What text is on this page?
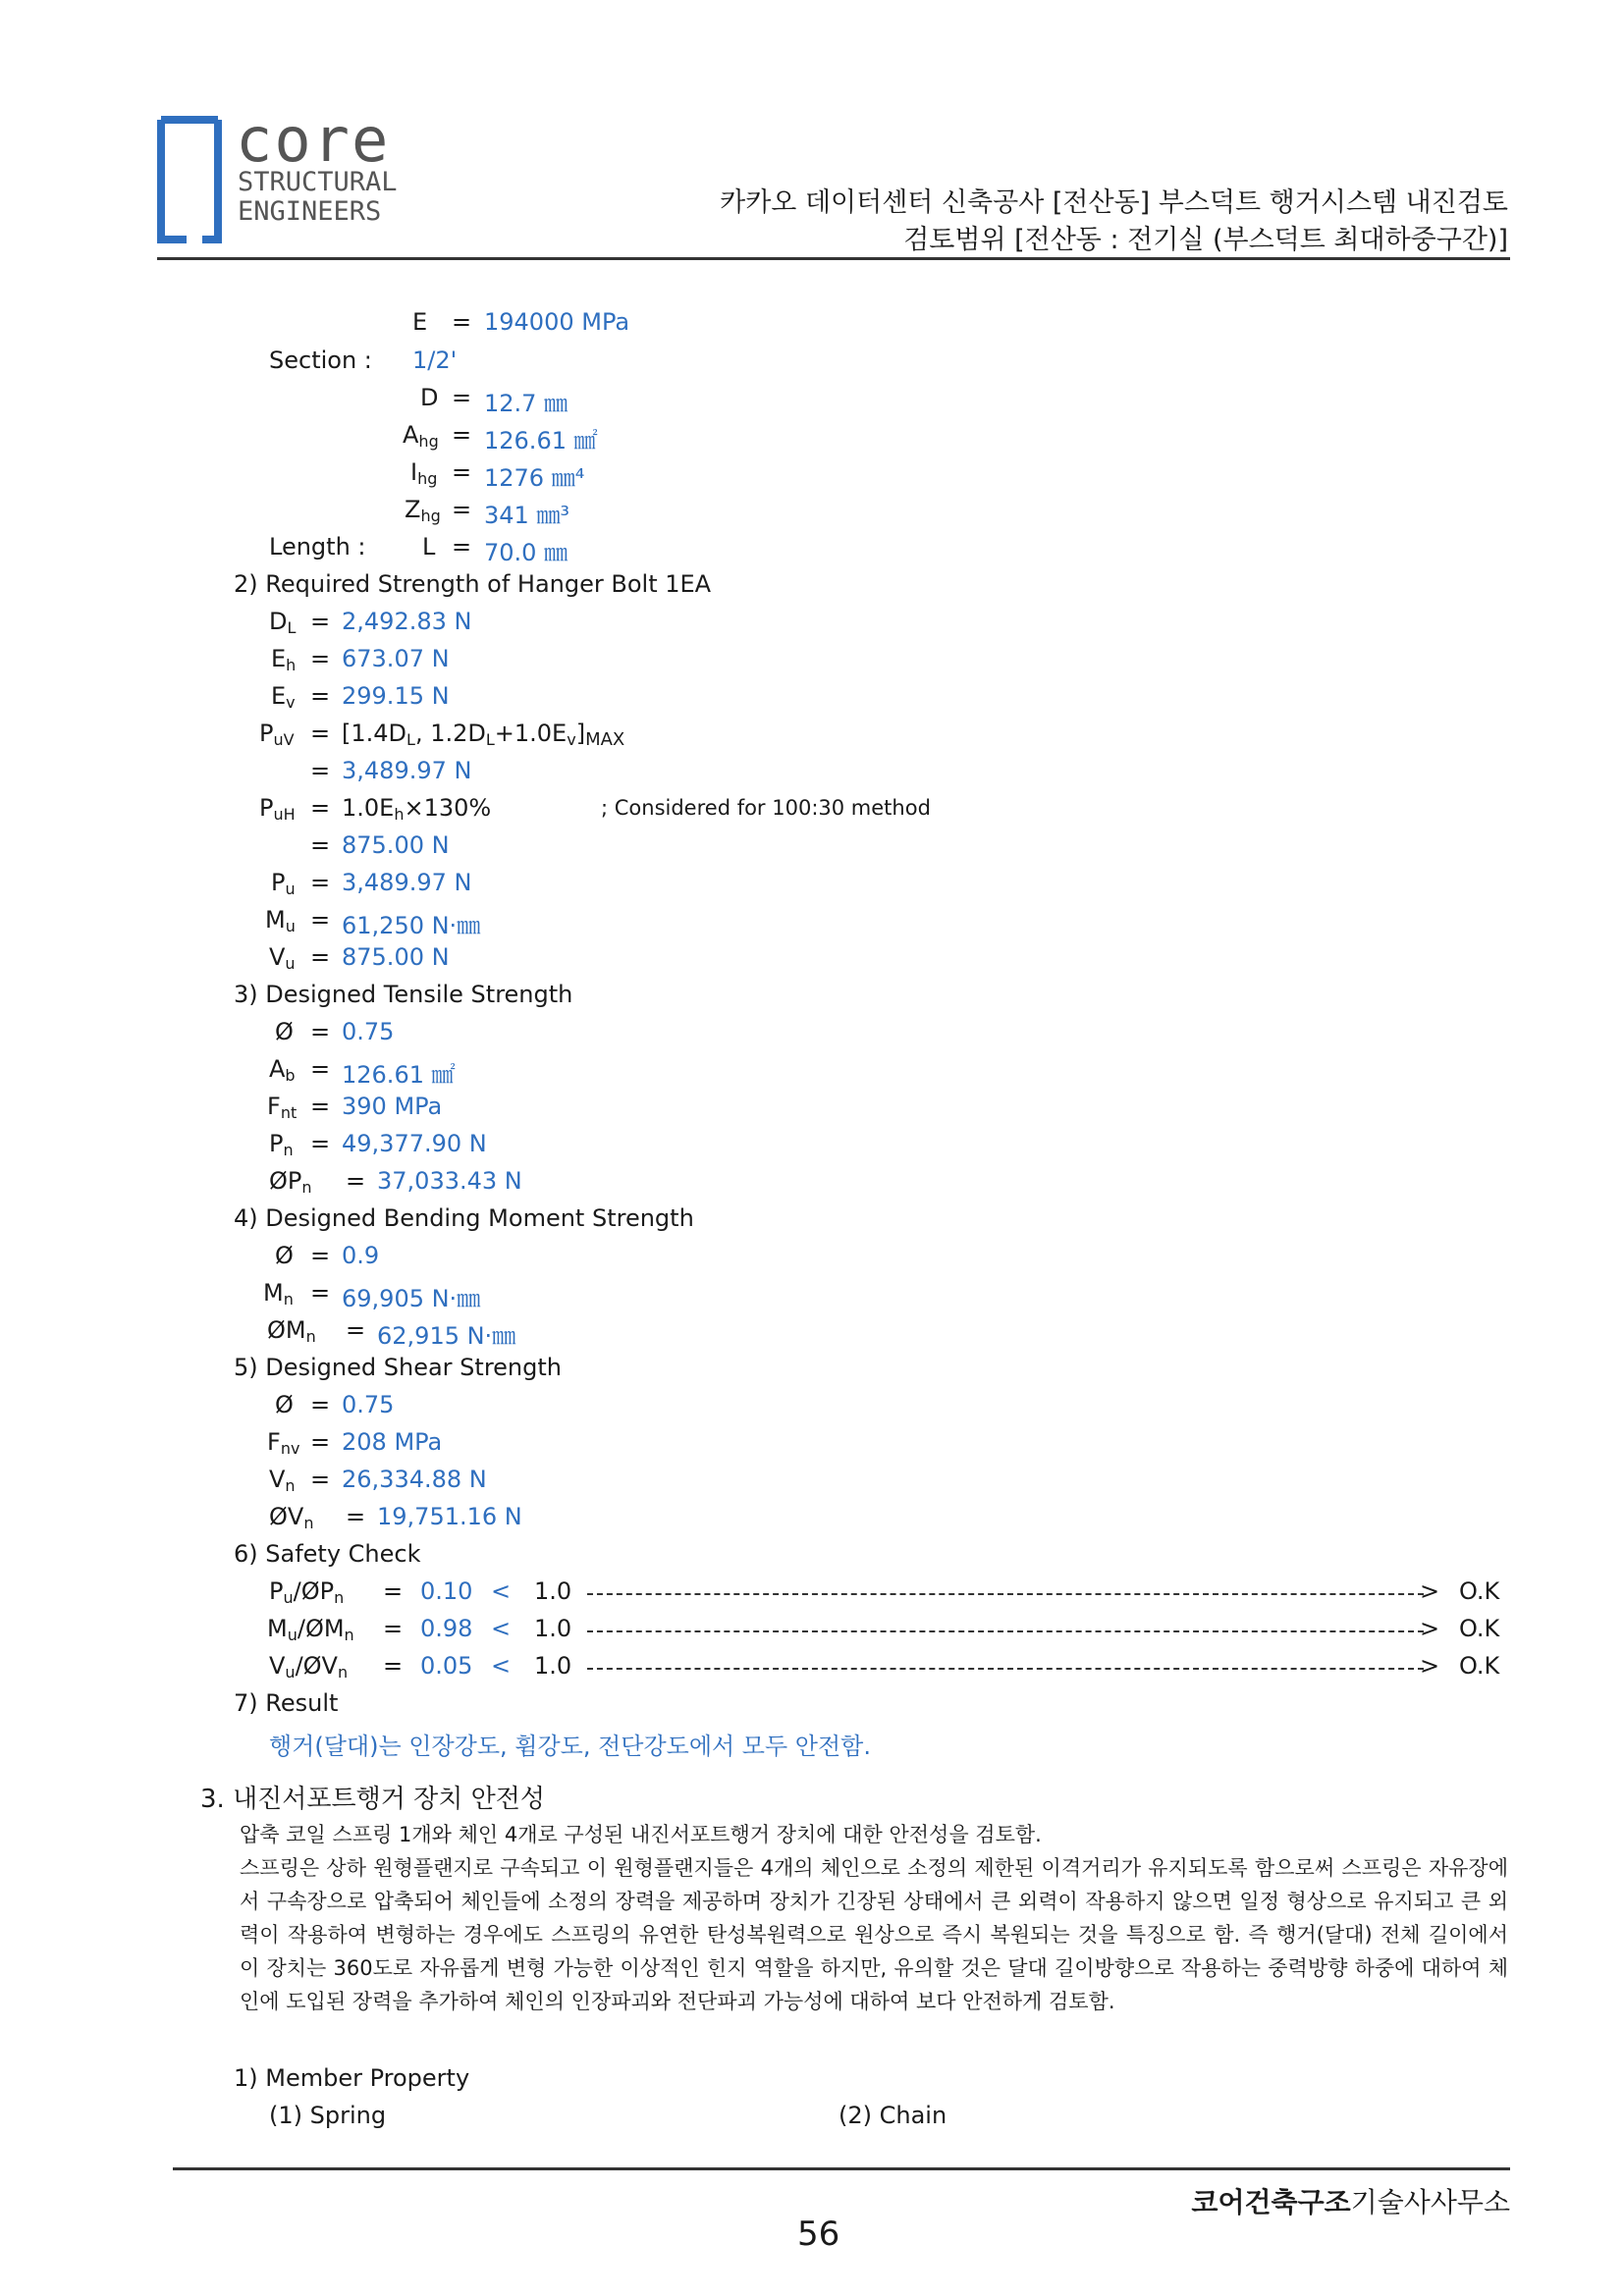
core
STRUCTURAL
ENGINEERS	카카오 데이터센터 신축공사 [전산동] 부스덕트 행거시스템 내진검토
검토범위 [전산동 : 전기실 (부스덕트 최대하중구간)]
E = 194000 MPa
Section : 1/2'
D = 12.7 ㎜
$A_{hg} = 126.61$ ㎟
$I_{hg} = 1276$ ㎜⁴
$Z_{hg} = 341$ ㎜³
Length : L = 70.0 ㎜
2) Required Strength of Hanger Bolt 1EA
$D_L = 2,492.83$ N
$E_h = 673.07$ N
$E_v = 299.15$ N
$P_{uV} = [1.4D_L$, $1.2D_L+1.0E_v]_{MAX}$
= 3,489.97 N
$P_{uH} = 1.0E_h\times 130\%$	; Considered for 100:30 method
= 875.00 N
$P_u = 3,489.97$ N
$M_u = 61,250$ N·㎜
$V_u = 875.00$ N
3) Designed Tensile Strength
Ø = 0.75
$A_b = 126.61$ ㎟
$F_{nt} = 390$ MPa
$P_n = 49,377.90$ N
$ØP_n = 37,033.43$ N
4) Designed Bending Moment Strength
Ø = 0.9
$M_n = 69,905$ N·㎜
$ØM_n = 62,915$ N·㎜
5) Designed Shear Strength
Ø = 0.75
$F_{nv} = 208$ MPa
$V_n = 26,334.88$ N
$ØV_n = 19,751.16$ N
6) Safety Check
$P_u/ØP_n = 0.10 < 1.0$	> O.K
$M_u/ØM_n = 0.98 < 1.0$	> O.K
$V_u/ØV_n = 0.05 < 1.0$	> O.K
7) Result
행거(달대)는 인장강도, 휨강도, 전단강도에서 모두 안전함.
3. 내진서포트행거 장치 안전성
압축 코일 스프링 1개와 체인 4개로 구성된 내진서포트행거 장치에 대한 안전성을 검토함.
스프링은 상하 원형플랜지로 구속되고 이 원형플랜지들은 4개의 체인으로 소정의 제한된 이격거리가 유지되도록 함으로써 스프링은 자유장에서 구속장으로 압축되어 체인들에 소정의 장력을 제공하며 장치가 긴장된 상태에서 큰 외력이 작용하지 않으면 일정 형상으로 유지되고 큰 외력이 작용하여 변형하는 경우에도 스프링의 유연한 탄성복원력으로 원상으로 즉시 복원되는 것을 특징으로 함. 즉 행거(달대) 전체 길이에서 이 장치는 360도로 자유롭게 변형 가능한 이상적인 힌지 역할을 하지만, 유의할 것은 달대 길이방향으로 작용하는 중력방향 하중에 대하여 체인에 도입된 장력을 추가하여 체인의 인장파괴와 전단파괴 가능성에 대하여 보다 안전하게 검토함.
1) Member Property
(1) Spring	(2) Chain
코어건축구조기술사사무소
56
